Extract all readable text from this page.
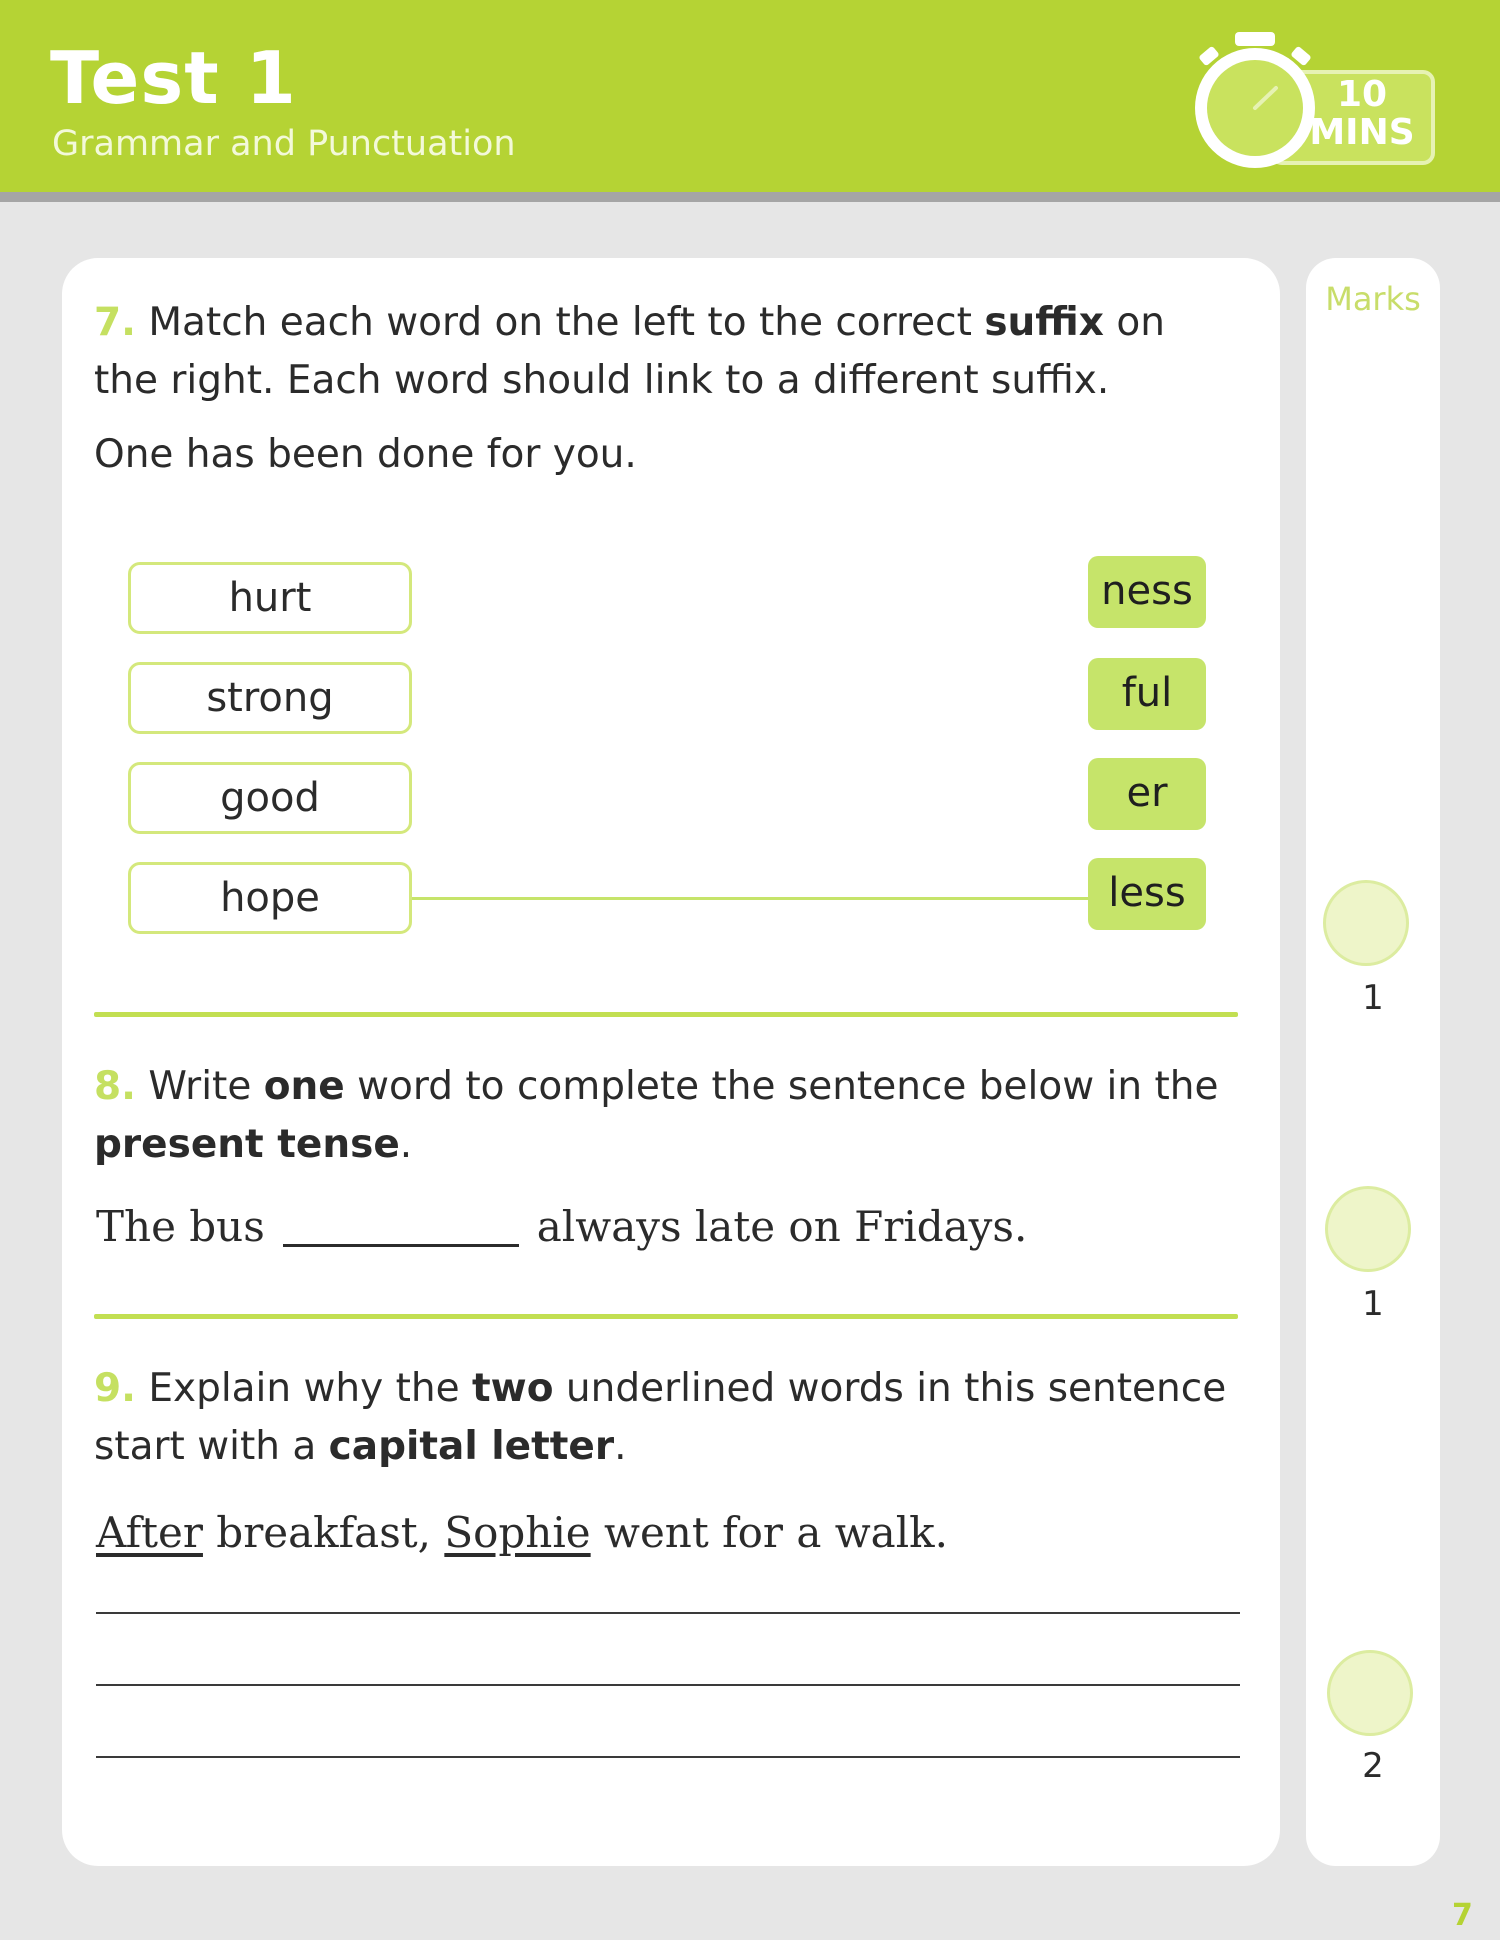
Test 1
Grammar and Punctuation
10
MINS
Marks
1
1
2
7. Match each word on the left to the correct suffix on
the right. Each word should link to a different suffix.
One has been done for you.
hurt
strong
good
hope
ness
ful
er
less
8. Write one word to complete the sentence below in the
present tense.
The bus	always late on Fridays.
9. Explain why the two underlined words in this sentence
start with a capital letter.
After breakfast, Sophie went for a walk.
7
